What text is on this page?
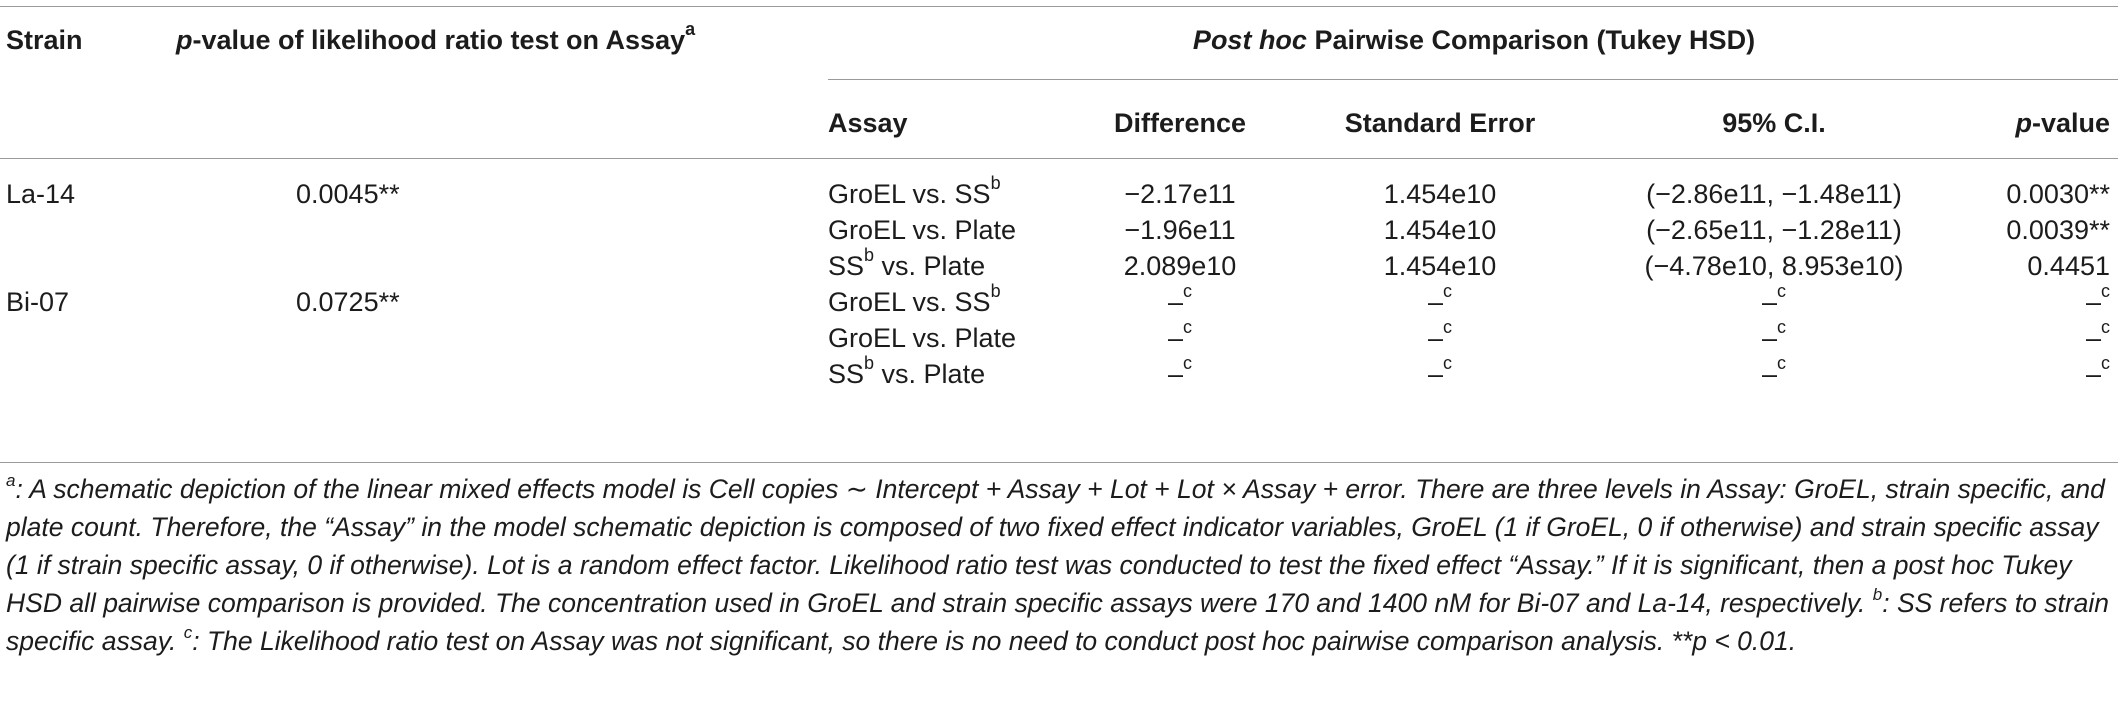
Strain	p-value of likelihood ratio test on Assay$^a$	Post hoc Pairwise Comparison (Tukey HSD)
Assay	Difference	Standard Error	95% C.I.	p-value
La-14	0.0045**	GroEL vs. $SS^b$	−2.17e11	1.454e10	(−2.86e11, −1.48e11)	0.0030**
GroEL vs. Plate	−1.96e11	1.454e10	(−2.65e11, −1.28e11)	0.0039**
$SS^b$ vs. Plate	2.089e10	1.454e10	(−4.78e10, 8.953e10)	0.4451
Bi-07	0.0725**	GroEL vs. $SS^b$	–$^c$	–$^c$	–$^c$	–$^c$
GroEL vs. Plate	–$^c$	–$^c$	–$^c$	–$^c$
$SS^b$ vs. Plate	–$^c$	–$^c$	–$^c$	–$^c$
$^a$: A schematic depiction of the linear mixed effects model is Cell copies ∼ Intercept + Assay + Lot + Lot × Assay + error. There are three levels in Assay: GroEL, strain specific, and plate count. Therefore, the “Assay” in the model schematic depiction is composed of two fixed effect indicator variables, GroEL (1 if GroEL, 0 if otherwise) and strain specific assay (1 if strain specific assay, 0 if otherwise). Lot is a random effect factor. Likelihood ratio test was conducted to test the fixed effect “Assay.” If it is significant, then a post hoc Tukey HSD all pairwise comparison is provided. The concentration used in GroEL and strain specific assays were 170 and 1400 nM for Bi-07 and La-14, respectively. $^b$: SS refers to strain specific assay. $^c$: The Likelihood ratio test on Assay was not significant, so there is no need to conduct post hoc pairwise comparison analysis. **p < 0.01.
